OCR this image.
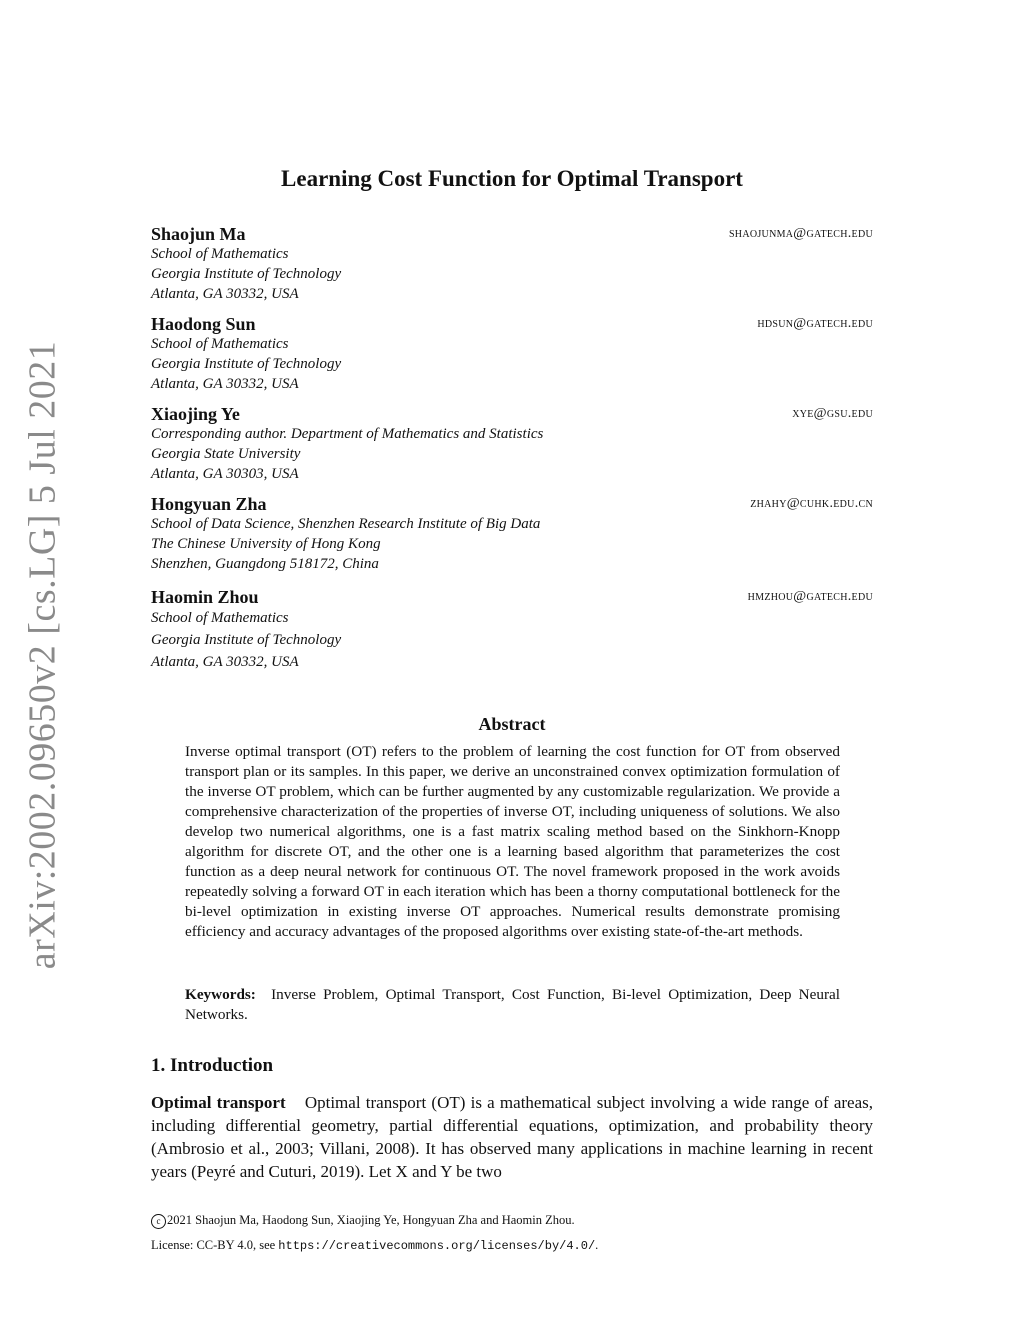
arXiv:2002.09650v2 [cs.LG] 5 Jul 2021
Learning Cost Function for Optimal Transport
Shaojun Ma	shaojunma@gatech.edu
School of Mathematics
Georgia Institute of Technology
Atlanta, GA 30332, USA
Haodong Sun	hdsun@gatech.edu
School of Mathematics
Georgia Institute of Technology
Atlanta, GA 30332, USA
Xiaojing Ye	xye@gsu.edu
Corresponding author. Department of Mathematics and Statistics
Georgia State University
Atlanta, GA 30303, USA
Hongyuan Zha	zhahy@cuhk.edu.cn
School of Data Science, Shenzhen Research Institute of Big Data
The Chinese University of Hong Kong
Shenzhen, Guangdong 518172, China
Haomin Zhou	hmzhou@gatech.edu
School of Mathematics
Georgia Institute of Technology
Atlanta, GA 30332, USA
Abstract
Inverse optimal transport (OT) refers to the problem of learning the cost function for OT from observed transport plan or its samples. In this paper, we derive an unconstrained convex optimization formulation of the inverse OT problem, which can be further augmented by any customizable regularization. We provide a comprehensive characterization of the properties of inverse OT, including uniqueness of solutions. We also develop two numerical algorithms, one is a fast matrix scaling method based on the Sinkhorn-Knopp algorithm for discrete OT, and the other one is a learning based algorithm that parameterizes the cost function as a deep neural network for continuous OT. The novel framework proposed in the work avoids repeatedly solving a forward OT in each iteration which has been a thorny computational bottleneck for the bi-level optimization in existing inverse OT approaches. Numerical results demonstrate promising efficiency and accuracy advantages of the proposed algorithms over existing state-of-the-art methods.
Keywords: Inverse Problem, Optimal Transport, Cost Function, Bi-level Optimization, Deep Neural Networks.
1. Introduction
Optimal transport Optimal transport (OT) is a mathematical subject involving a wide range of areas, including differential geometry, partial differential equations, optimization, and probability theory (Ambrosio et al., 2003; Villani, 2008). It has observed many applications in machine learning in recent years (Peyré and Cuturi, 2019). Let X and Y be two
c 2021 Shaojun Ma, Haodong Sun, Xiaojing Ye, Hongyuan Zha and Haomin Zhou.
License: CC-BY 4.0, see https://creativecommons.org/licenses/by/4.0/.
